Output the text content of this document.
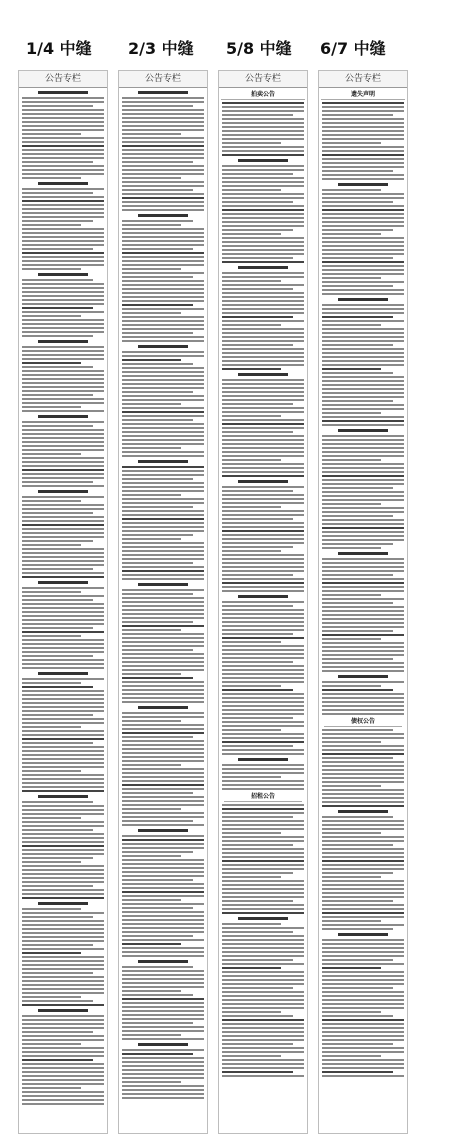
1/4 中缝 2/3 中缝 5/8 中缝 6/7 中缝
公告专栏	公告专栏	公告专栏
拍卖公告
招租公告
公告专栏
遗失声明
债权公告
